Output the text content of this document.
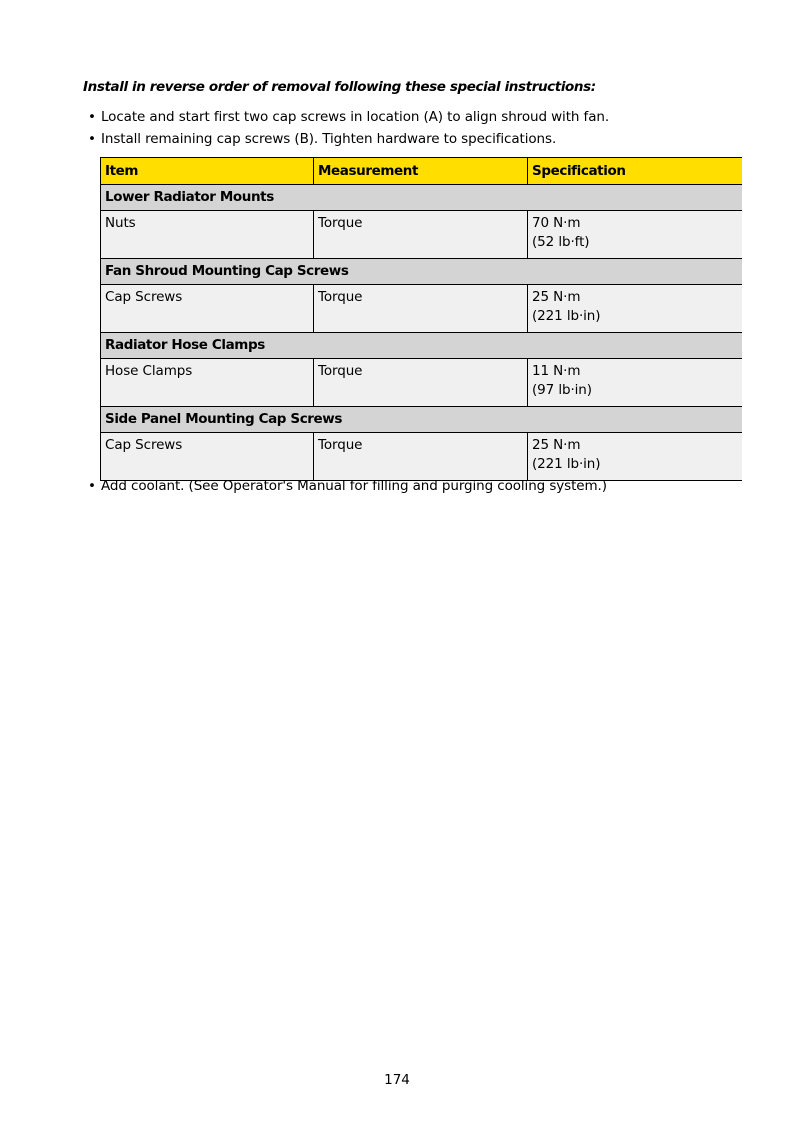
Install in reverse order of removal following these special instructions:

• Locate and start first two cap screws in location (A) to align shroud with fan.
• Install remaining cap screws (B). Tighten hardware to specifications.
Item	Measurement	Specification
Lower Radiator Mounts		
Nuts	Torque	70 N·m
(52 lb·ft)

Fan Shroud Mounting Cap Screws		
Cap Screws	Torque	25 N·m
(221 lb·in)

Radiator Hose Clamps		
Hose Clamps	Torque	11 N·m
(97 lb·in)

Side Panel Mounting Cap Screws		
Cap Screws	Torque	25 N·m
(221 lb·in)
• Add coolant. (See Operator's Manual for filling and purging cooling system.)
174
